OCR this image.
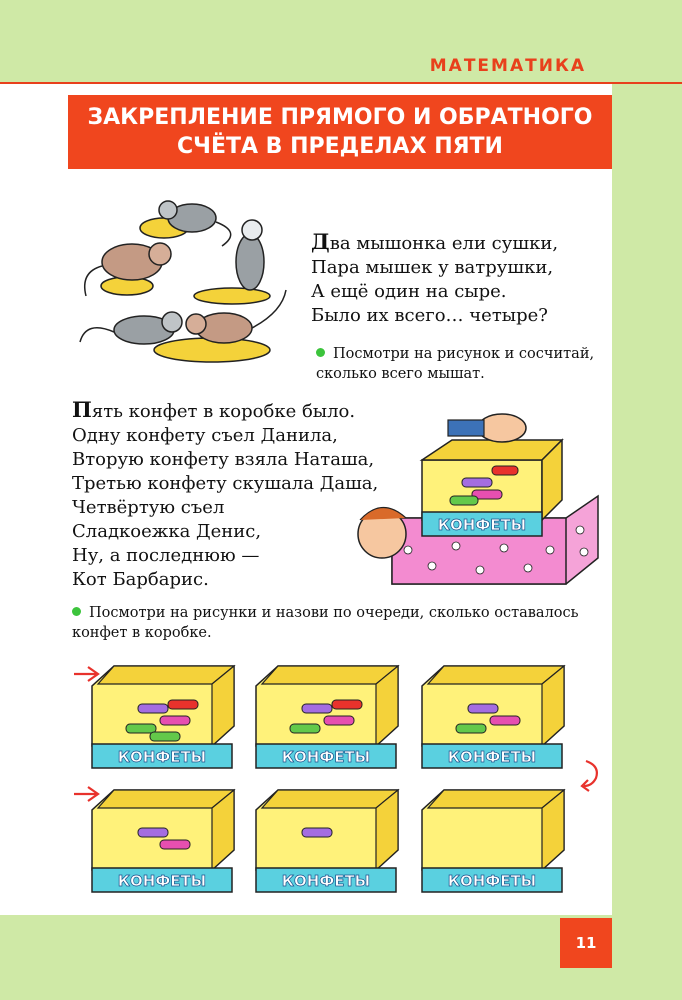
МАТЕМАТИКА
ЗАКРЕПЛЕНИЕ ПРЯМОГО И ОБРАТНОГО
СЧЁТА В ПРЕДЕЛАХ ПЯТИ
Два мышонка ели сушки,
Пара мышек у ватрушки,
А ещё один на сыре.
Было их всего… четыре?
Посмотри на рисунок и сосчитай, сколько всего мышат.
Пять конфет в коробке было.
Одну конфету съел Данила,
Вторую конфету взяла Наташа,
Третью конфету скушала Даша,
Четвёртую съел
Сладкоежка Денис,
Ну, а последнюю —
Кот Барбарис.
КОНФЕТЫ
Посмотри на рисунки и назови по очереди, сколько оставалось конфет в коробке.
КОНФЕТЫ	КОНФЕТЫ	КОНФЕТЫ
КОНФЕТЫ	КОНФЕТЫ	КОНФЕТЫ
11
